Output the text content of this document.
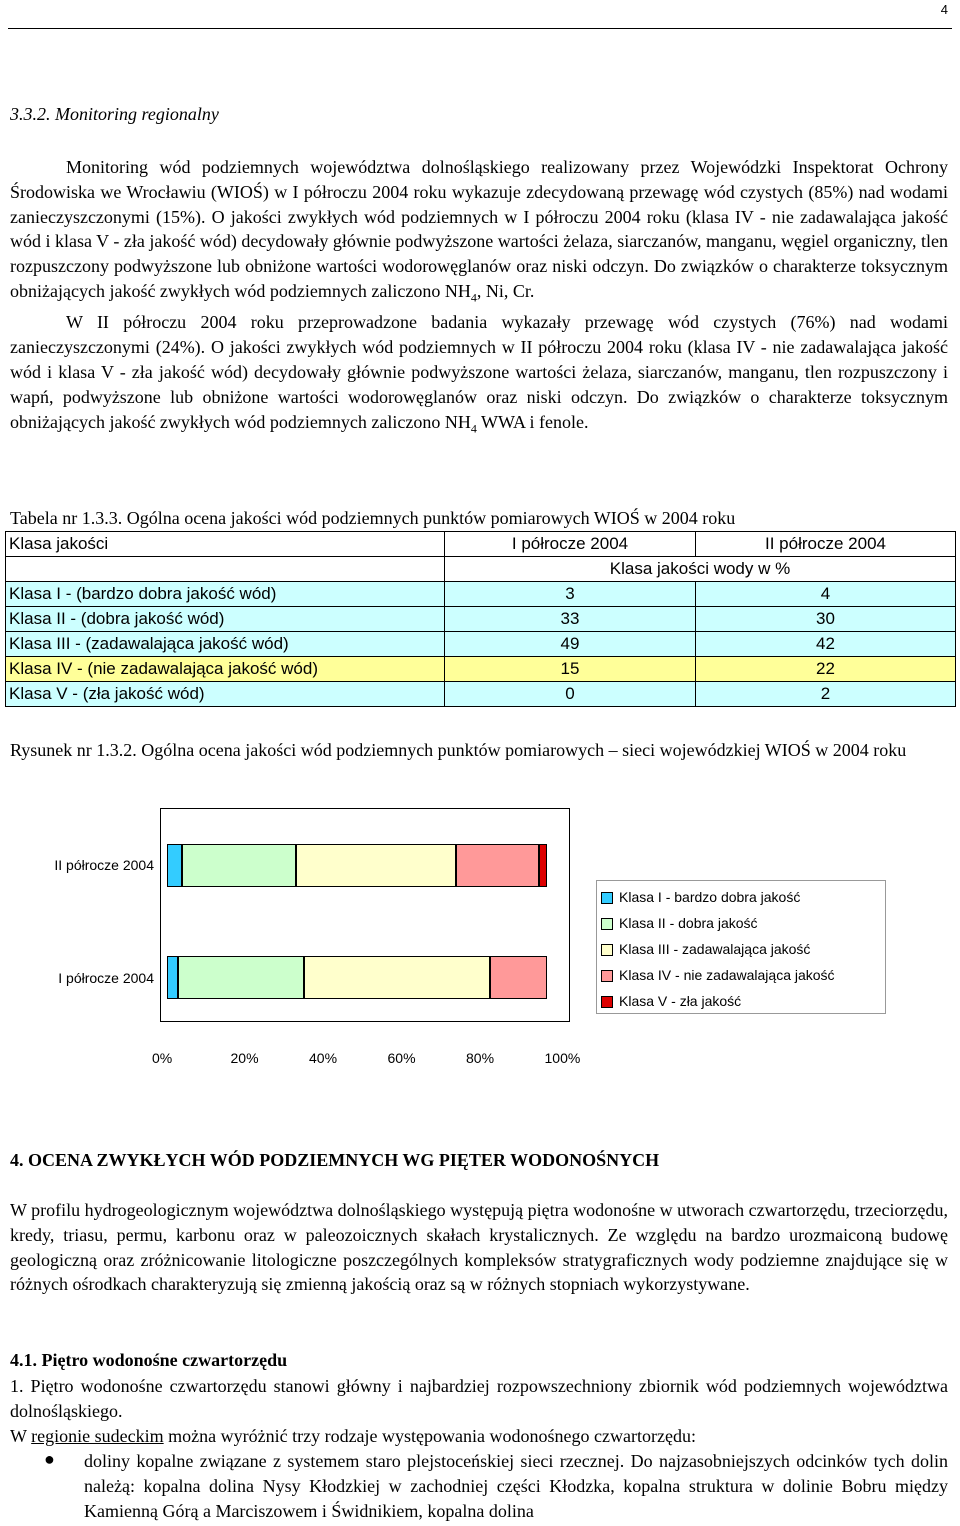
4
3.3.2. Monitoring regionalny

Monitoring wód podziemnych województwa dolnośląskiego realizowany przez Wojewódzki Inspektorat Ochrony Środowiska we Wrocławiu (WIOŚ) w I półroczu 2004 roku wykazuje zdecydowaną przewagę wód czystych (85%) nad wodami zanieczyszczonymi (15%). O jakości zwykłych wód podziemnych w I półroczu 2004 roku (klasa IV - nie zadawalająca jakość wód i klasa V - zła jakość wód) decydowały głównie podwyższone wartości żelaza, siarczanów, manganu, węgiel organiczny, tlen rozpuszczony podwyższone lub obniżone wartości wodorowęglanów oraz niski odczyn. Do związków o charakterze toksycznym obniżających jakość zwykłych wód podziemnych zaliczono $NH_4$, Ni, Cr.

W II półroczu 2004 roku przeprowadzone badania wykazały przewagę wód czystych (76%) nad wodami zanieczyszczonymi (24%). O jakości zwykłych wód podziemnych w II półroczu 2004 roku (klasa IV - nie zadawalająca jakość wód i klasa V - zła jakość wód) decydowały głównie podwyższone wartości żelaza, siarczanów, manganu, tlen rozpuszczony i wapń, podwyższone lub obniżone wartości wodorowęglanów oraz niski odczyn. Do związków o charakterze toksycznym obniżających jakość zwykłych wód podziemnych zaliczono $NH_4$ WWA i fenole.

Tabela nr 1.3.3. Ogólna ocena jakości wód podziemnych punktów pomiarowych WIOŚ w 2004 roku
Klasa jakości	I półrocze 2004	II półrocze 2004
	Klasa jakości wody w %	
Klasa I - (bardzo dobra jakość wód)	3	4
Klasa II - (dobra jakość wód)	33	30
Klasa III - (zadawalająca jakość wód)	49	42
Klasa IV - (nie zadawalająca jakość wód)	15	22
Klasa V - (zła jakość wód)	0	2
Rysunek nr 1.3.2. Ogólna ocena jakości wód podziemnych punktów pomiarowych – sieci wojewódzkiej WIOŚ w 2004 roku
II półrocze 2004
I półrocze 2004
0%	20%	40%	60%	80%	100%
Klasa I - bardzo dobra jakość
Klasa II - dobra jakość
Klasa III - zadawalająca jakość
Klasa IV - nie zadawalająca jakość
Klasa V - zła jakość
4. OCENA ZWYKŁYCH WÓD PODZIEMNYCH WG PIĘTER WODONOŚNYCH
W profilu hydrogeologicznym województwa dolnośląskiego występują piętra wodonośne w utworach czwartorzędu, trzeciorzędu, kredy, triasu, permu, karbonu oraz w paleozoicznych skałach krystalicznych. Ze względu na bardzo urozmaiconą budowę geologiczną oraz zróżnicowanie litologiczne poszczególnych kompleksów stratygraficznych wody podziemne znajdujące się w różnych ośrodkach charakteryzują się zmienną jakością oraz są w różnych stopniach wykorzystywane.
4.1. Piętro wodonośne czwartorzędu

1. Piętro wodonośne czwartorzędu stanowi główny i najbardziej rozpowszechniony zbiornik wód podziemnych województwa dolnośląskiego.

W regionie sudeckim można wyróżnić trzy rodzaje występowania wodonośnego czwartorzędu:

● doliny kopalne związane z systemem staro plejstoceńskiej sieci rzecznej. Do najzasobniejszych odcinków tych dolin należą: kopalna dolina Nysy Kłodzkiej w zachodniej części Kłodzka, kopalna struktura w dolinie Bobru między Kamienną Górą a Marciszowem i Świdnikiem, kopalna dolina
